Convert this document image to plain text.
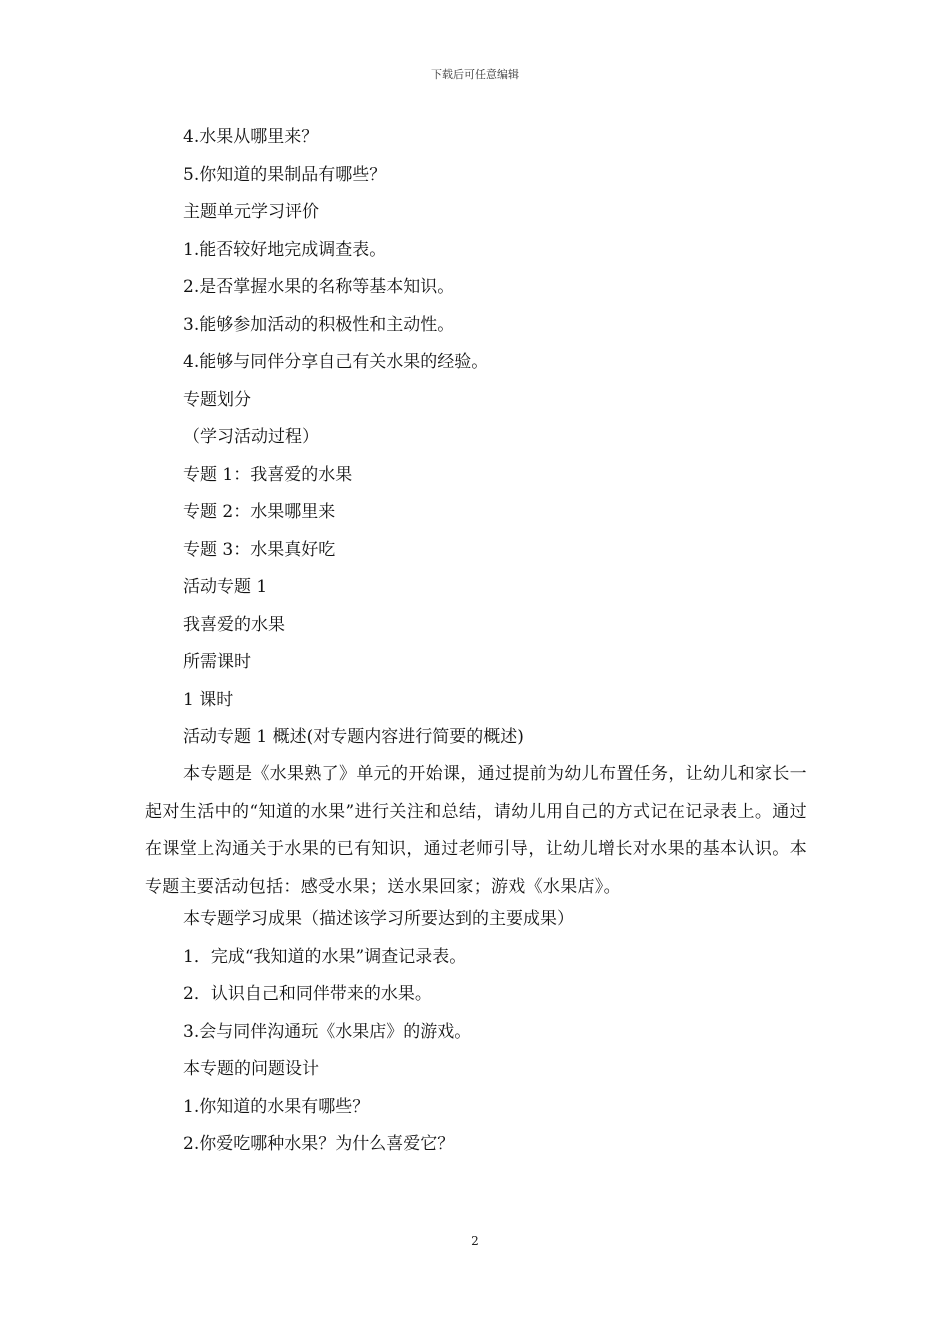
下载后可任意编辑
4.水果从哪里来？
5.你知道的果制品有哪些？
主题单元学习评价
1.能否较好地完成调查表。
2.是否掌握水果的名称等基本知识。
3.能够参加活动的积极性和主动性。
4.能够与同伴分享自己有关水果的经验。
专题划分
（学习活动过程）
专题 1：我喜爱的水果
专题 2：水果哪里来
专题 3：水果真好吃
活动专题 1
我喜爱的水果
所需课时
1 课时
活动专题 1 概述(对专题内容进行简要的概述)
本专题是《水果熟了》单元的开始课，通过提前为幼儿布置任务，让幼儿和家长一起对生活中的“知道的水果”进行关注和总结，请幼儿用自己的方式记在记录表上。通过在课堂上沟通关于水果的已有知识，通过老师引导，让幼儿增长对水果的基本认识。本专题主要活动包括：感受水果；送水果回家；游戏《水果店》。
本专题学习成果（描述该学习所要达到的主要成果）
1．完成“我知道的水果”调查记录表。
2．认识自己和同伴带来的水果。
3.会与同伴沟通玩《水果店》的游戏。
本专题的问题设计
1.你知道的水果有哪些？
2.你爱吃哪种水果？为什么喜爱它？
2
